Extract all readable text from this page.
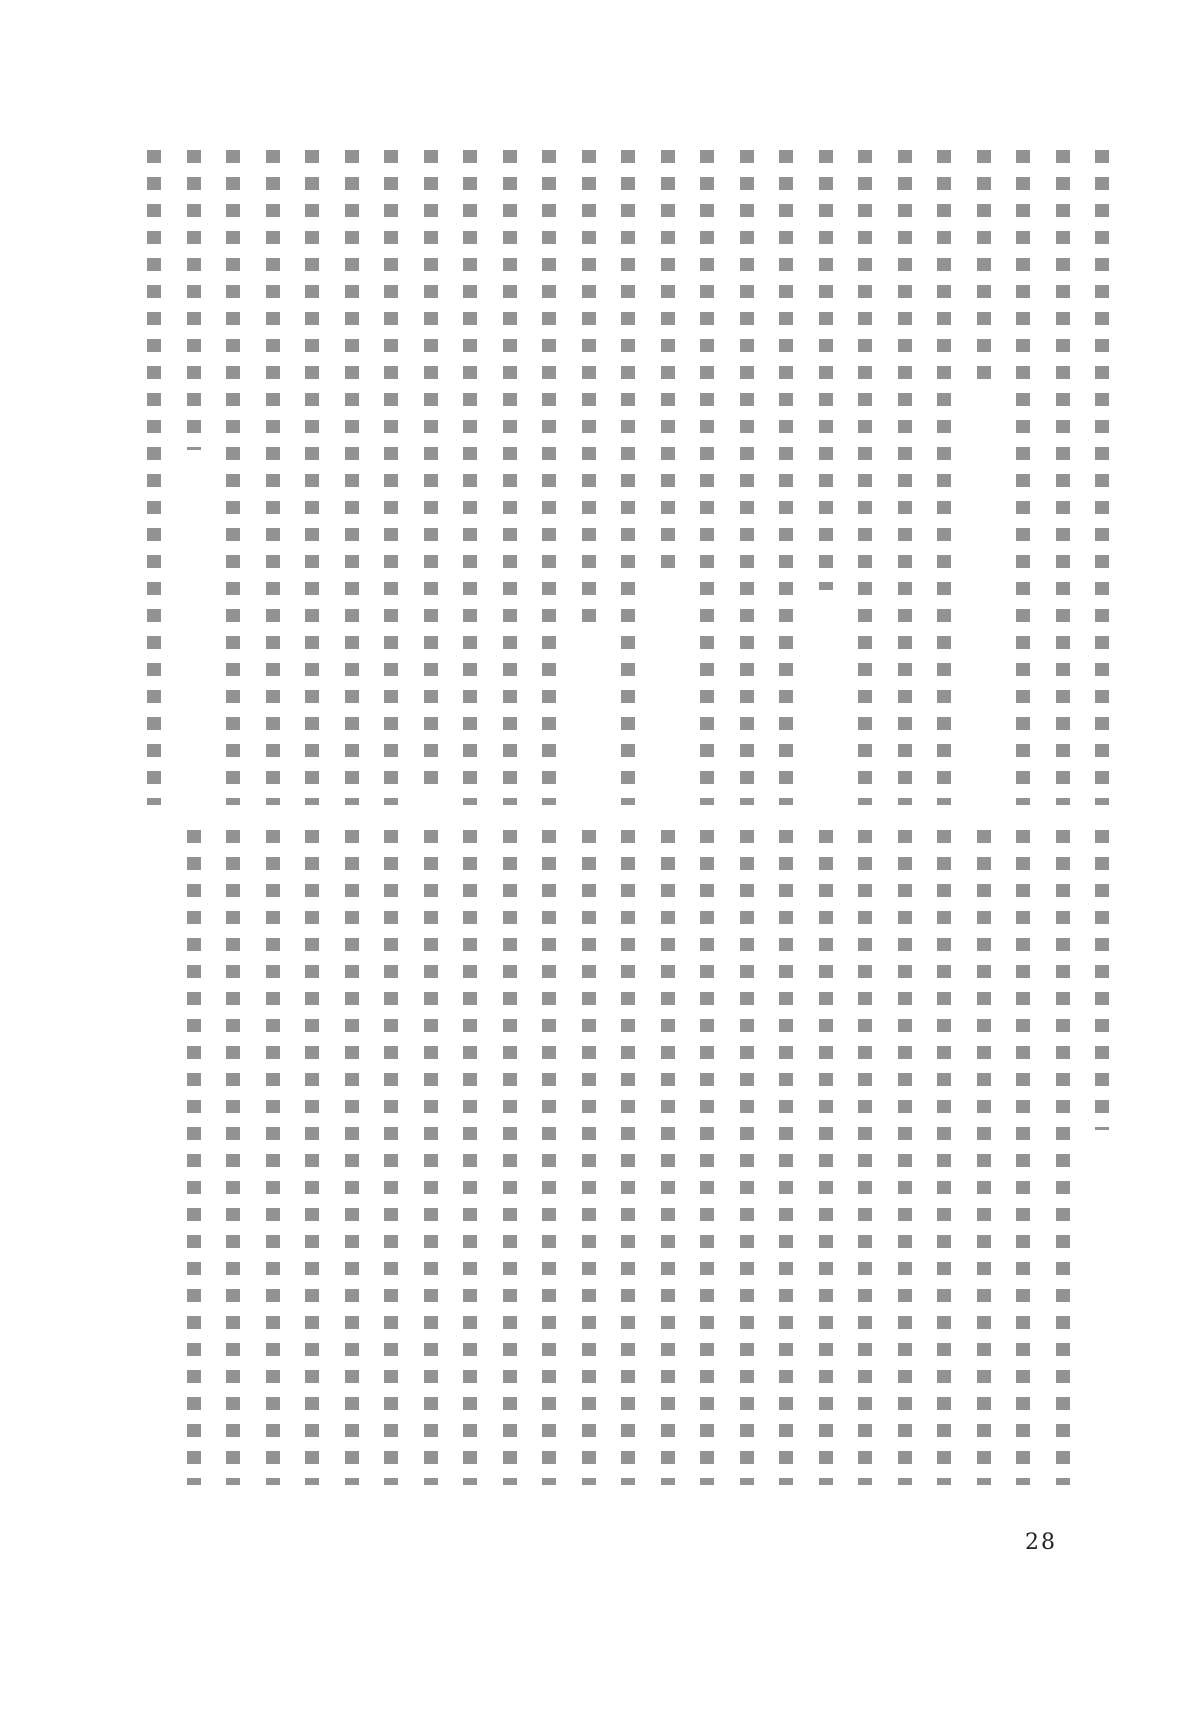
28
